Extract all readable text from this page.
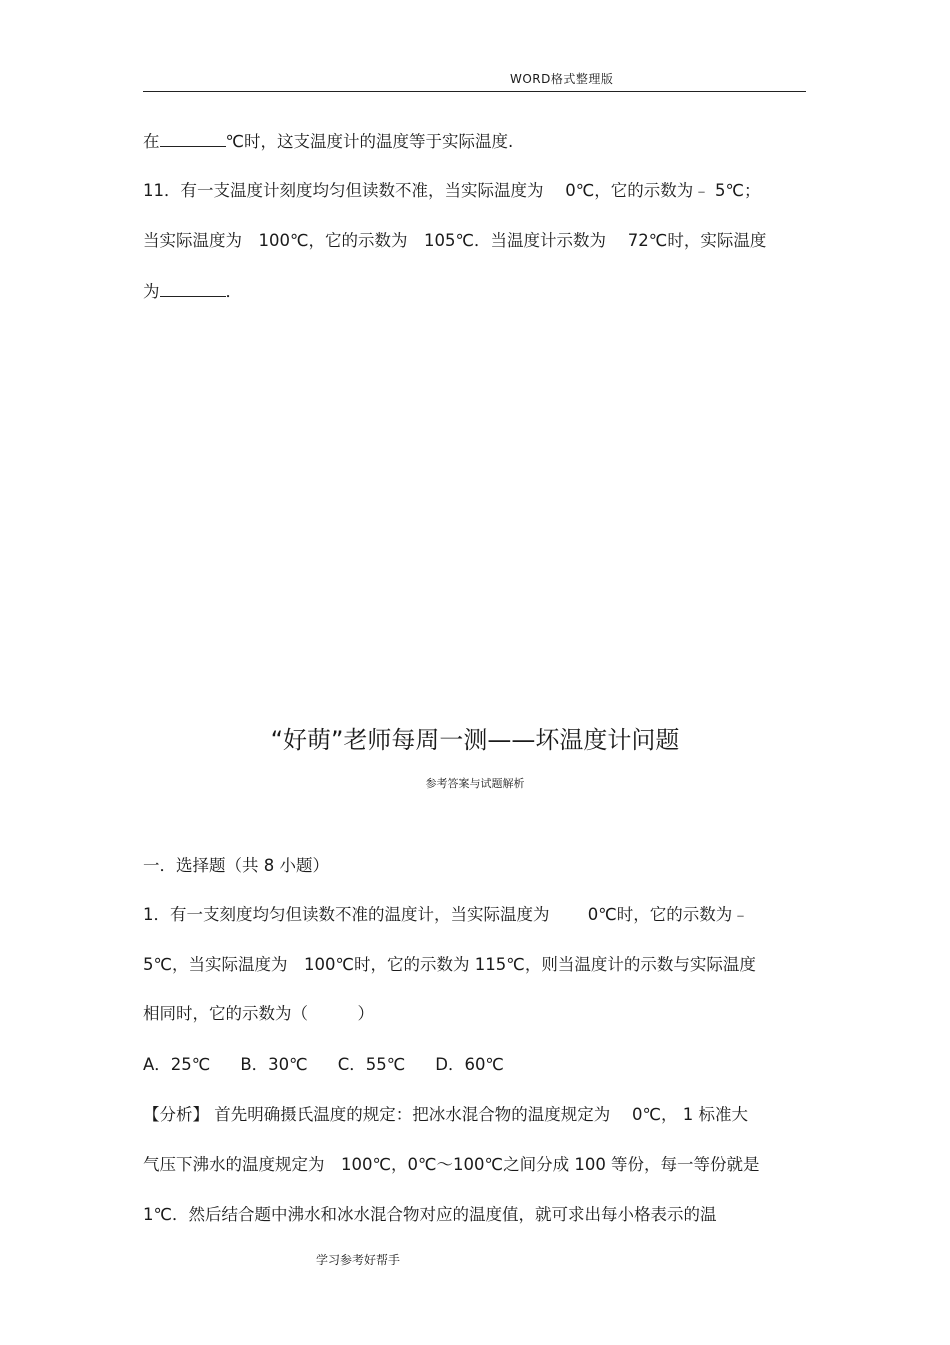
WORD格式整理版
在	℃时，这支温度计的温度等于实际温度.
11．有一支温度计刻度均匀但读数不准，当实际温度为　 0℃，它的示数为﹣ 5℃；
当实际温度为　100℃，它的示数为　105℃．当温度计示数为　 72℃时，实际温度
为	．
“好萌”老师每周一测——坏温度计问题
参考答案与试题解析
一．选择题（共 8 小题）
1．有一支刻度均匀但读数不准的温度计，当实际温度为　　 0℃时，它的示数为﹣
5℃，当实际温度为　100℃时，它的示数为 115℃，则当温度计的示数与实际温度
相同时，它的示数为（　　　）
A．25℃ B．30℃ C．55℃ D．60℃
【分析】 首先明确摄氏温度的规定：把冰水混合物的温度规定为　 0℃， 1 标准大
气压下沸水的温度规定为　100℃，0℃～100℃之间分成 100 等份，每一等份就是
1℃．然后结合题中沸水和冰水混合物对应的温度值，就可求出每小格表示的温
学习参考好帮手
